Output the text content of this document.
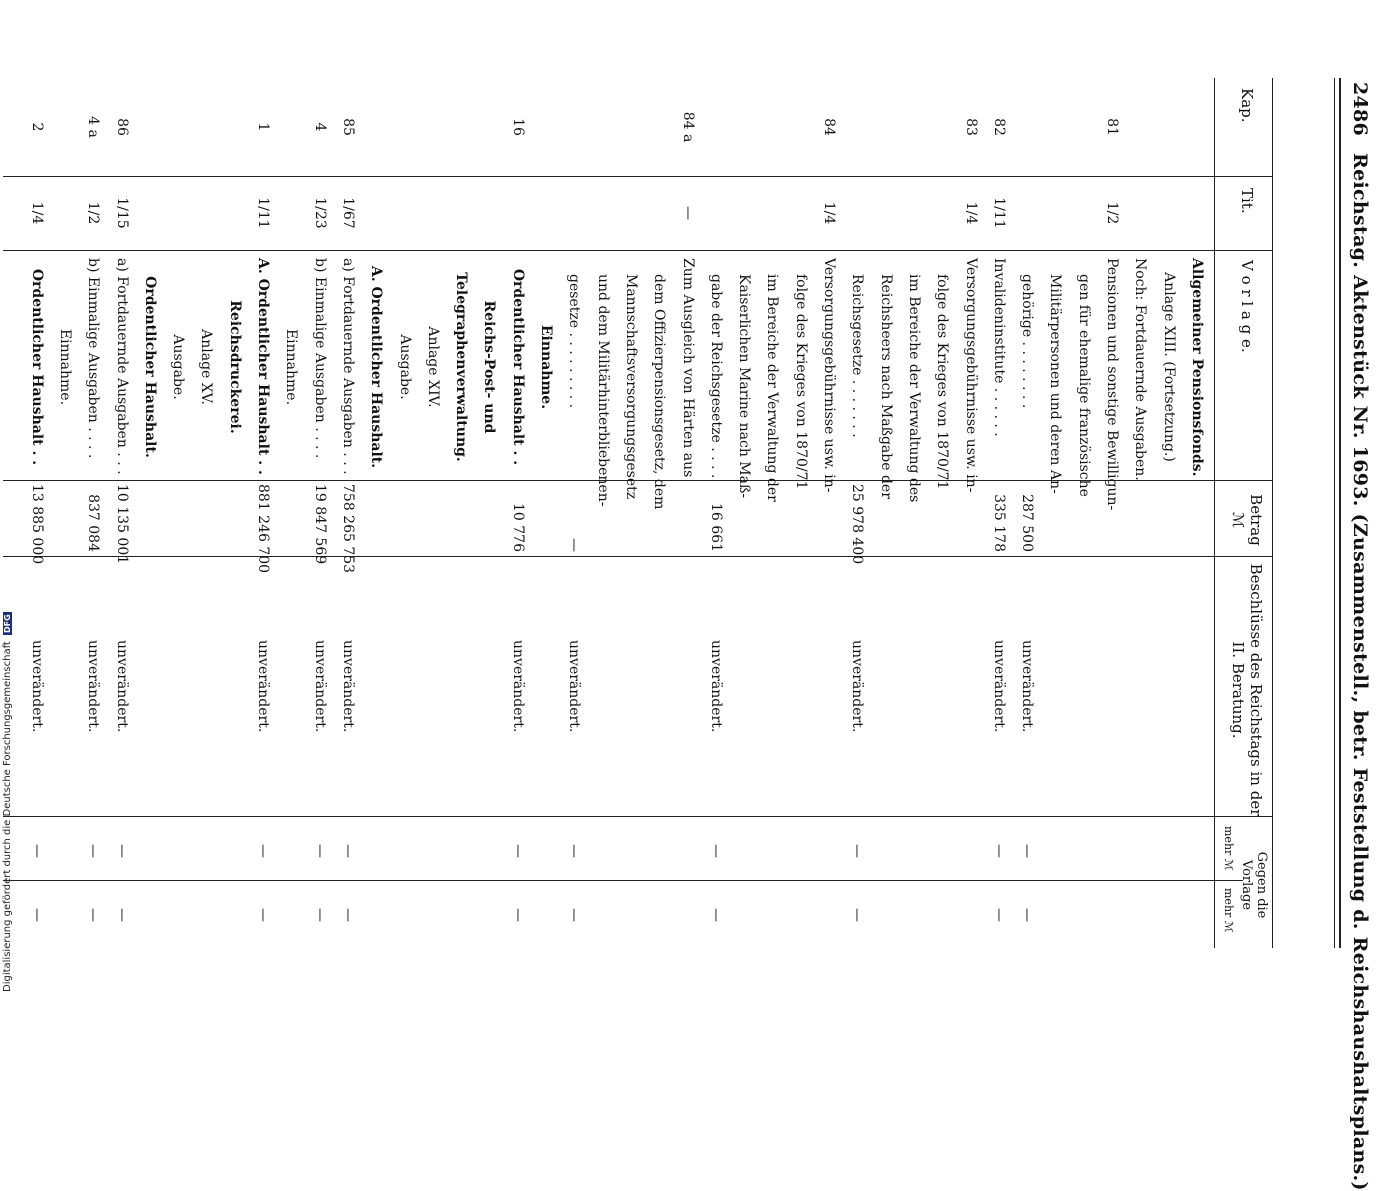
2486 Reichstag. Aktenstück Nr. 1693. (Zusammenstell., betr. Feststellung d. Reichshaushaltsplans.)
Kap.
Tit.
V o r l a g e.
Betrag
ℳ
Beschlüsse des Reichstags in der
II. Beratung.
Gegen die
Vorlage
mehr ℳ
mehr ℳ
Allgemeiner Pensionsfonds.
Anlage XIII. (Fortsetzung.)
Noch: Fortdauernde Ausgaben.
81
1/2
Pensionen und sonstige Bewilligun-
gen für ehemalige französische
Militärpersonen und deren An-
gehörige . . . . . . . .
287 500
unverändert.
—
—
82
1/11
Invalideninstitute . . . . . .
335 178
unverändert.
—
—
83
1/4
Versorgungsgebührnisse usw. in-
folge des Krieges von 1870/71
im Bereiche der Verwaltung des
Reichsheers nach Maßgabe der
Reichsgesetze . . . . . . .
25 978 400
unverändert.
—
—
84
1/4
Versorgungsgebührnisse usw. in-
folge des Krieges von 1870/71
im Bereiche der Verwaltung der
Kaiserlichen Marine nach Maß-
gabe der Reichsgesetze . . . .
16 661
unverändert.
—
—
84 a
—
Zum Ausgleich von Härten aus
dem Offizierpensionsgesetz, dem
Mannschaftsversorgungsgesetz
und dem Militärhinterbliebenen-
gesetze . . . . . . . . .
—
unverändert.
—
—
Einnahme.
16
Ordentlicher Haushalt . .
10 776
unverändert.
—
—
Reichs-Post- und
Telegraphenverwaltung.
Anlage XIV.
Ausgabe.
A. Ordentlicher Haushalt.
85
1/67
a) Fortdauernde Ausgaben . . .
758 265 753
unverändert.
—
—
4
1/23
b) Einmalige Ausgaben . . . .
19 847 569
unverändert.
—
—
Einnahme.
1
1/11
A. Ordentlicher Haushalt . .
881 246 700
unverändert.
—
—
Reichsdruckerei.
Anlage XV.
Ausgabe.
Ordentlicher Haushalt.
86
1/15
a) Fortdauernde Ausgaben . . .
10 135 001
unverändert.
—
—
4 a
1/2
b) Einmalige Ausgaben . . . .
837 084
unverändert.
—
—
Einnahme.
2
1/4
Ordentlicher Haushalt . .
13 885 000
unverändert.
—
—
Digitalisierung gefördert durch die Deutsche Forschungsgemeinschaft DFG
